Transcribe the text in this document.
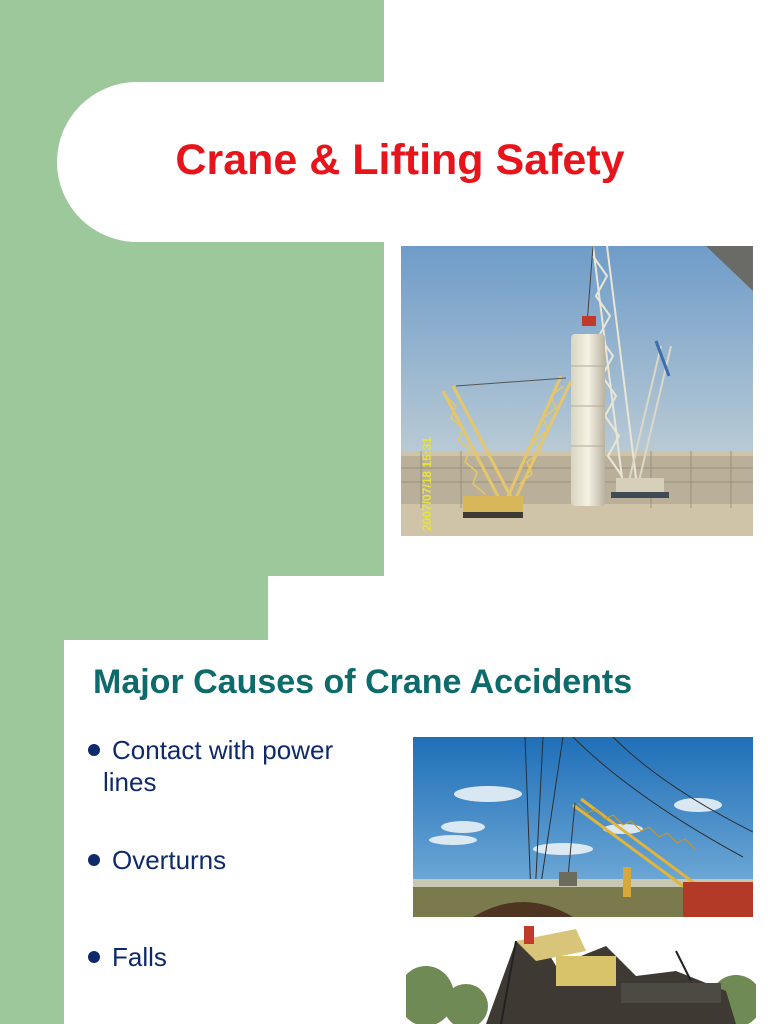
Crane & Lifting Safety
2007/07/18 15:31
Major Causes of Crane Accidents
Contact with power
lines
Overturns
Falls
